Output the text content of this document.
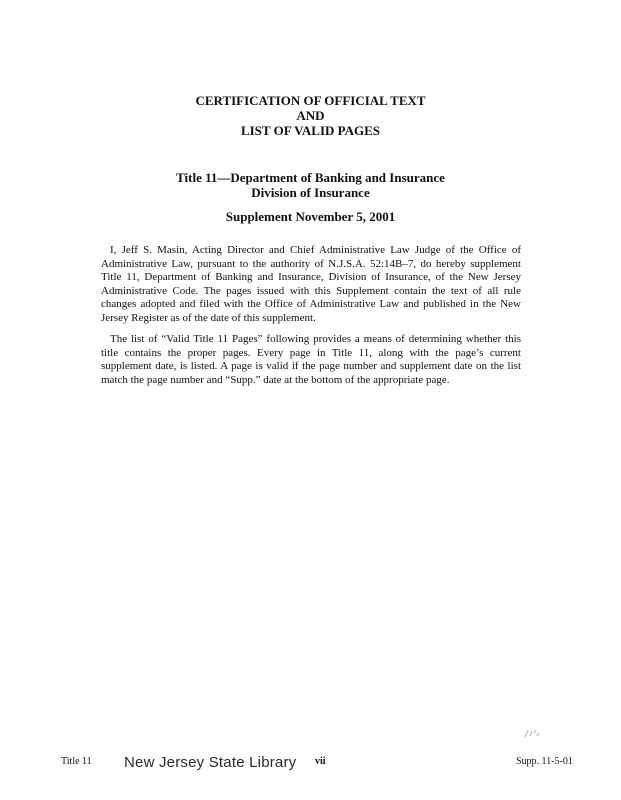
CERTIFICATION OF OFFICIAL TEXT
AND
LIST OF VALID PAGES
Title 11—Department of Banking and Insurance
Division of Insurance
Supplement November 5, 2001

I, Jeff S. Masin, Acting Director and Chief Administrative Law Judge of the Office of Administrative Law, pursuant to the authority of N.J.S.A. 52:14B–7, do hereby supplement Title 11, Department of Banking and Insurance, Division of Insurance, of the New Jersey Administrative Code. The pages issued with this Supplement contain the text of all rule changes adopted and filed with the Office of Administrative Law and published in the New Jersey Register as of the date of this supplement.

The list of “Valid Title 11 Pages” following provides a means of determining whether this title contains the proper pages. Every page in Title 11, along with the page’s current supplement date, is listed. A page is valid if the page number and supplement date on the list match the page number and “Supp.” date at the bottom of the appropriate page.

Title 11 New Jersey State Library vii	Supp. 11-5-01
